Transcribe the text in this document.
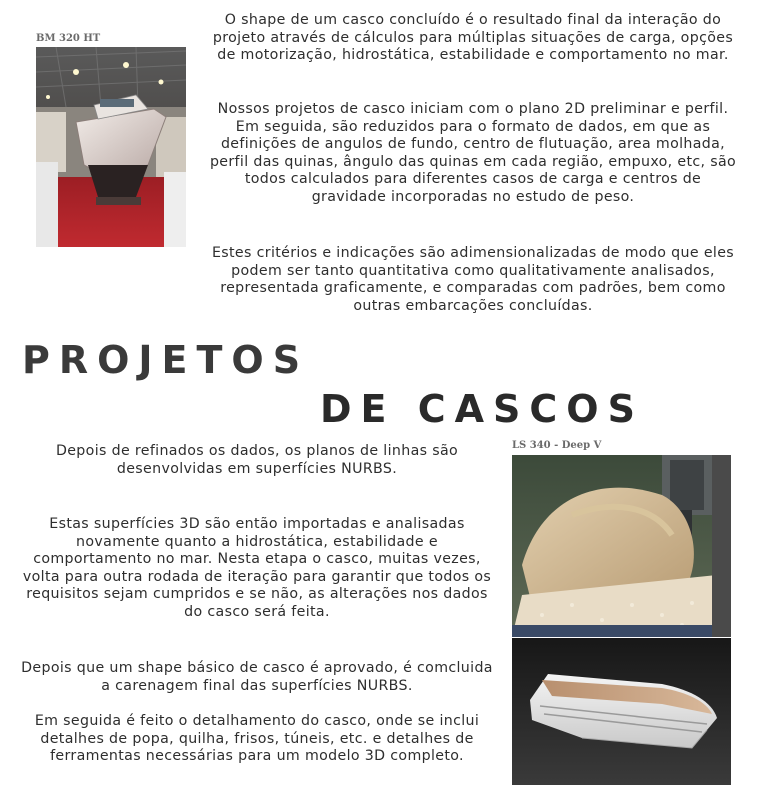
BM 320 HT
O shape de um casco concluído é o resultado final da interação do projeto através de cálculos para múltiplas situações de carga, opções de motorização, hidrostática, estabilidade e comportamento no mar.
Nossos projetos de casco iniciam com o plano 2D preliminar e perfil. Em seguida, são reduzidos para o formato de dados, em que as definições de angulos de fundo, centro de flutuação, area molhada, perfil das quinas, ângulo das quinas em cada região, empuxo, etc, são todos calculados para diferentes casos de carga e centros de gravidade incorporadas no estudo de peso.
Estes critérios e indicações são adimensionalizadas de modo que eles podem ser tanto quantitativa como qualitativamente analisados, representada graficamente, e comparadas com padrões, bem como outras embarcações concluídas.
PROJETOS
DE CASCOS
LS 340 - Deep V
Depois de refinados os dados, os planos de linhas são desenvolvidas em superfícies NURBS.
Estas superfícies 3D são então importadas e analisadas novamente quanto a hidrostática, estabilidade e comportamento no mar. Nesta etapa o casco, muitas vezes, volta para outra rodada de iteração para garantir que todos os requisitos sejam cumpridos e se não, as alterações nos dados do casco será feita.
Depois que um shape básico de casco é aprovado, é comcluida a carenagem final das superfícies NURBS.
Em seguida é feito o detalhamento do casco, onde se inclui detalhes de popa, quilha, frisos, túneis, etc. e detalhes de ferramentas necessárias para um modelo 3D completo.
